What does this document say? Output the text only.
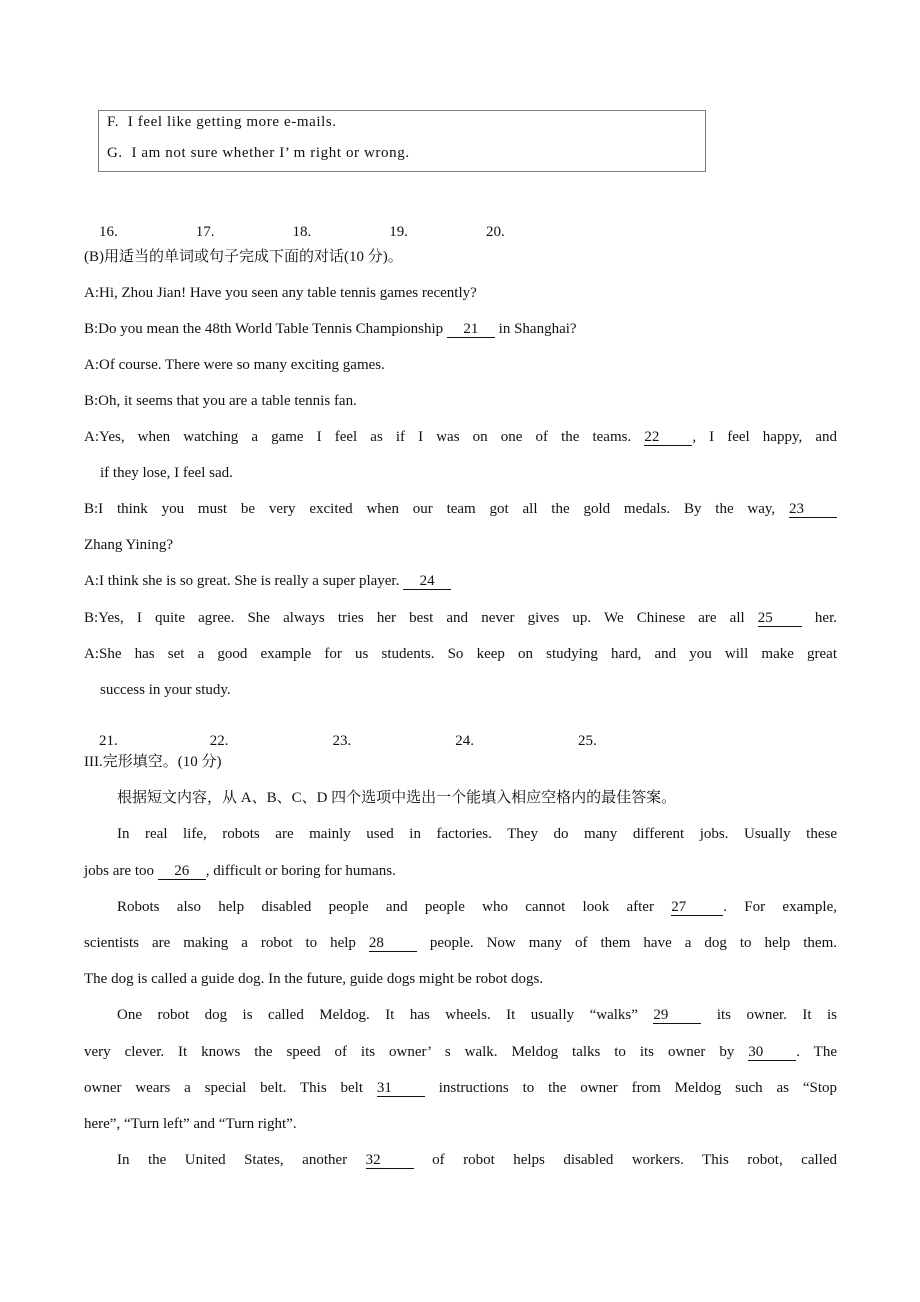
F.  I feel like getting more e-mails.
G.  I am not sure whether I’ m right or wrong.

16.	17.	18.	19.	20.

(B)用适当的单词或句子完成下面的对话(10 分)。
A:Hi, Zhou Jian! Have you seen any table tennis games recently?
B:Do you mean the 48th World Table Tennis Championship 21 in Shanghai?
A:Of course. There were so many exciting games.
B:Oh, it seems that you are a table tennis fan.
A:Yes, when watching a game I feel as if I was on one of the teams. 22 , I feel happy, and
if they lose, I feel sad.
B:I think you must be very excited when our team got all the gold medals. By the way, 23
Zhang Yining?
A:I think she is so great. She is really a super player. 24
B:Yes, I quite agree. She always tries her best and never gives up. We Chinese are all 25 her.
A:She has set a good example for us students. So keep on studying hard, and you will make great
success in your study.

21.	22.	23.	24.	25.

III.完形填空。(10 分)
根据短文内容，从 A、B、C、D 四个选项中选出一个能填入相应空格内的最佳答案。
In real life, robots are mainly used in factories. They do many different jobs. Usually these
jobs are too 26 , difficult or boring for humans.
Robots also help disabled people and people who cannot look after 27 . For example,
scientists are making a robot to help 28 people. Now many of them have a dog to help them.
The dog is called a guide dog. In the future, guide dogs might be robot dogs.
One robot dog is called Meldog. It has wheels. It usually “walks” 29 its owner. It is
very clever. It knows the speed of its owner’ s walk. Meldog talks to its owner by 30 . The
owner wears a special belt. This belt 31 instructions to the owner from Meldog such as “Stop
here”, “Turn left” and “Turn right”.
In the United States, another 32 of robot helps disabled workers. This robot, called
